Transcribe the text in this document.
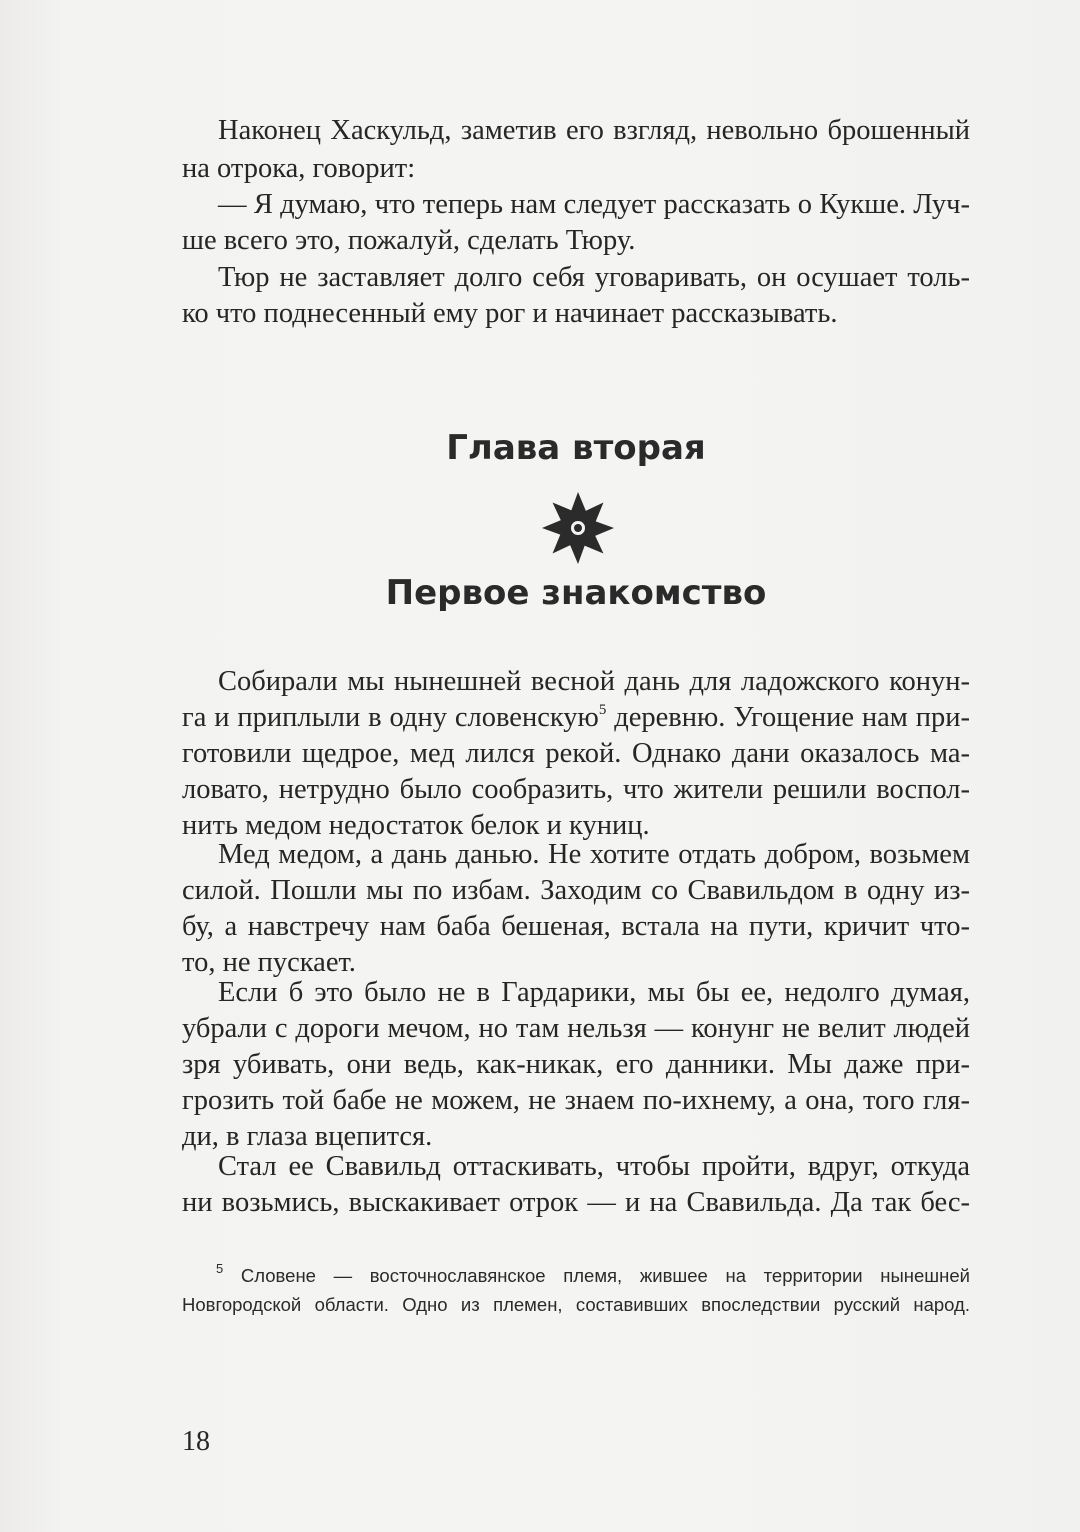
Наконец Хаскульд, заметив его взгляд, невольно брошенный
на отрока, говорит:
— Я думаю, что теперь нам следует рассказать о Кукше. Луч-
ше всего это, пожалуй, сделать Тюру.
Тюр не заставляет долго себя уговаривать, он осушает толь-
ко что поднесенный ему рог и начинает рассказывать.
Глава вторая
Первое знакомство
Собирали мы нынешней весной дань для ладожского конун-
га и приплыли в одну словенскую$^5$ деревню. Угощение нам при-
готовили щедрое, мед лился рекой. Однако дани оказалось ма-
ловато, нетрудно было сообразить, что жители решили воспол-
нить медом недостаток белок и куниц.
Мед медом, а дань данью. Не хотите отдать добром, возьмем
силой. Пошли мы по избам. Заходим со Свавильдом в одну из-
бу, а навстречу нам баба бешеная, встала на пути, кричит что-
то, не пускает.
Если б это было не в Гардарики, мы бы ее, недолго думая,
убрали с дороги мечом, но там нельзя — конунг не велит людей
зря убивать, они ведь, как-никак, его данники. Мы даже при-
грозить той бабе не можем, не знаем по-ихнему, а она, того гля-
ди, в глаза вцепится.
Стал ее Свавильд оттаскивать, чтобы пройти, вдруг, откуда
ни возьмись, выскакивает отрок — и на Свавильда. Да так бес-
$^5$ Словене — восточнославянское племя, жившее на территории нынешней
Новгородской области. Одно из племен, составивших впоследствии русский народ.
18
